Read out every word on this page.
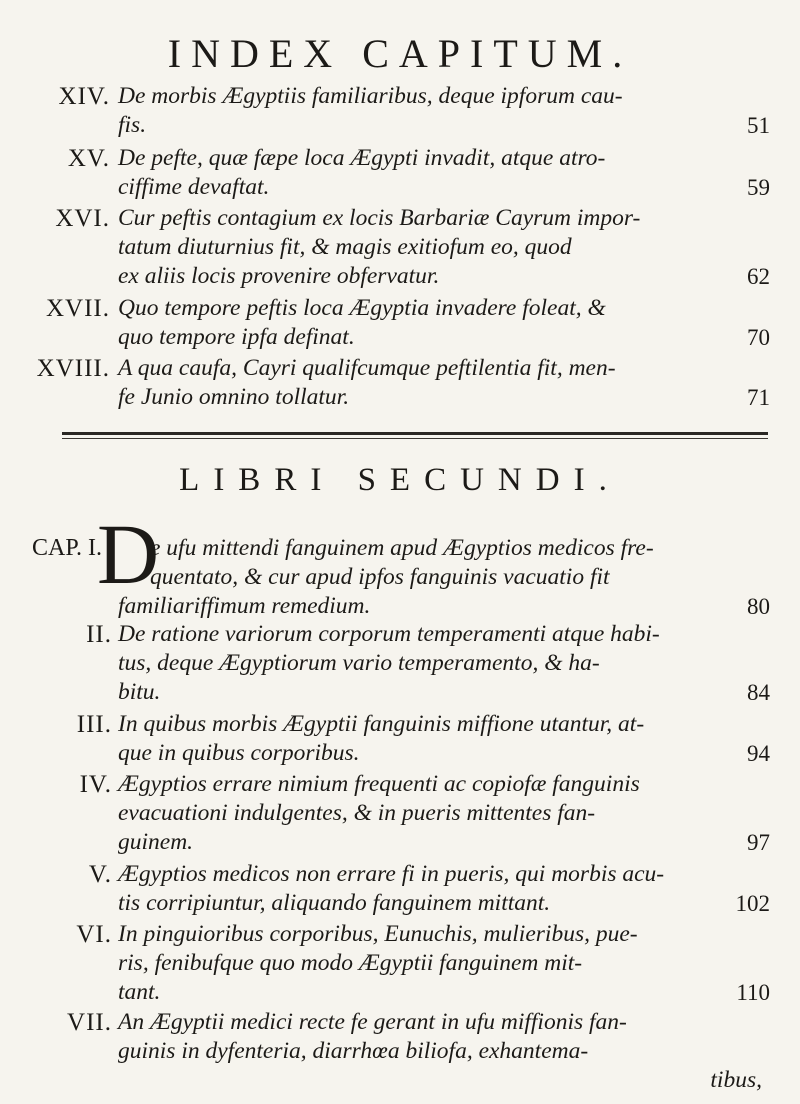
INDEX CAPITUM.
XIV. De morbis Ægyptiis familiaribus, deque ipforum cau-
fis.	51
XV. De pefte, quæ fæpe loca Ægypti invadit, atque atro-
ciffime devaftat.	59
XVI. Cur peftis contagium ex locis Barbariæ Cayrum impor-
tatum diuturnius fit, & magis exitiofum eo, quod
ex aliis locis provenire obfervatur.	62
XVII. Quo tempore peftis loca Ægyptia invadere foleat, &
quo tempore ipfa definat.	70
XVIII. A qua caufa, Cayri qualifcumque peftilentia fit, men-
fe Junio omnino tollatur.	71
LIBRI SECUNDI.
CAP. I.
D
e ufu mittendi fanguinem apud Ægyptios medicos fre-
quentato, & cur apud ipfos fanguinis vacuatio fit
familiariffimum remedium.	80
II. De ratione variorum corporum temperamenti atque habi-
tus, deque Ægyptiorum vario temperamento, & ha-
bitu.	84
III. In quibus morbis Ægyptii fanguinis miffione utantur, at-
que in quibus corporibus.	94
IV. Ægyptios errare nimium frequenti ac copiofæ fanguinis
evacuationi indulgentes, & in pueris mittentes fan-
guinem.	97
V. Ægyptios medicos non errare fi in pueris, qui morbis acu-
tis corripiuntur, aliquando fanguinem mittant.	102
VI. In pinguioribus corporibus, Eunuchis, mulieribus, pue-
ris, fenibufque quo modo Ægyptii fanguinem mit-
tant.	110
VII. An Ægyptii medici recte fe gerant in ufu miffionis fan-
guinis in dyfenteria, diarrhœa biliofa, exhantema-
tibus,
